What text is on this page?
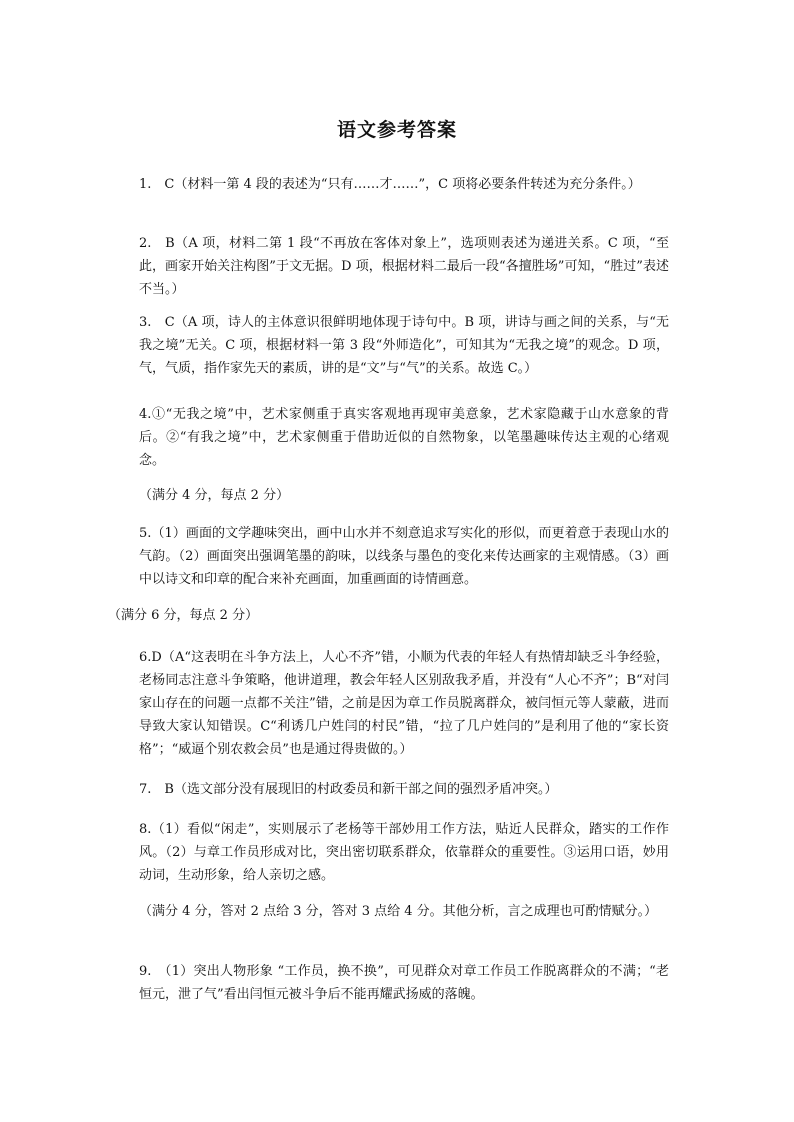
语文参考答案

1.　C（材料一第 4 段的表述为“只有……才……”，C 项将必要条件转述为充分条件。）

2.　B（A 项，材料二第 1 段“不再放在客体对象上”，选项则表述为递进关系。C 项，“至此，画家开始关注构图”于文无据。D 项，根据材料二最后一段“各擅胜场”可知，“胜过”表述不当。）

3.　C（A 项，诗人的主体意识很鲜明地体现于诗句中。B 项，讲诗与画之间的关系，与“无我之境”无关。C 项，根据材料一第 3 段“外师造化”，可知其为“无我之境”的观念。D 项，气，气质，指作家先天的素质，讲的是“文”与“气”的关系。故选 C。）

4.①“无我之境”中，艺术家侧重于真实客观地再现审美意象，艺术家隐藏于山水意象的背后。②“有我之境”中，艺术家侧重于借助近似的自然物象，以笔墨趣味传达主观的心绪观念。

（满分 4 分，每点 2 分）

5.（1）画面的文学趣味突出，画中山水并不刻意追求写实化的形似，而更着意于表现山水的气韵。（2）画面突出强调笔墨的韵味，以线条与墨色的变化来传达画家的主观情感。（3）画中以诗文和印章的配合来补充画面，加重画面的诗情画意。

（满分 6 分，每点 2 分）

6.D（A“这表明在斗争方法上，人心不齐”错，小顺为代表的年轻人有热情却缺乏斗争经验，老杨同志注意斗争策略，他讲道理，教会年轻人区别敌我矛盾，并没有“人心不齐”；B“对闫家山存在的问题一点都不关注”错，之前是因为章工作员脱离群众，被闫恒元等人蒙蔽，进而导致大家认知错误。C“利诱几户姓闫的村民”错，“拉了几户姓闫的”是利用了他的“家长资格”；“威逼个别农救会员”也是通过得贵做的。）

7.　B（选文部分没有展现旧的村政委员和新干部之间的强烈矛盾冲突。）

8.（1）看似“闲走”，实则展示了老杨等干部妙用工作方法，贴近人民群众，踏实的工作作风。（2）与章工作员形成对比，突出密切联系群众，依靠群众的重要性。③运用口语，妙用动词，生动形象，给人亲切之感。

（满分 4 分，答对 2 点给 3 分，答对 3 点给 4 分。其他分析，言之成理也可酌情赋分。）

9.　（1）突出人物形象 “工作员，换不换”，可见群众对章工作员工作脱离群众的不满；“老恒元，泄了气”看出闫恒元被斗争后不能再耀武扬威的落魄。
